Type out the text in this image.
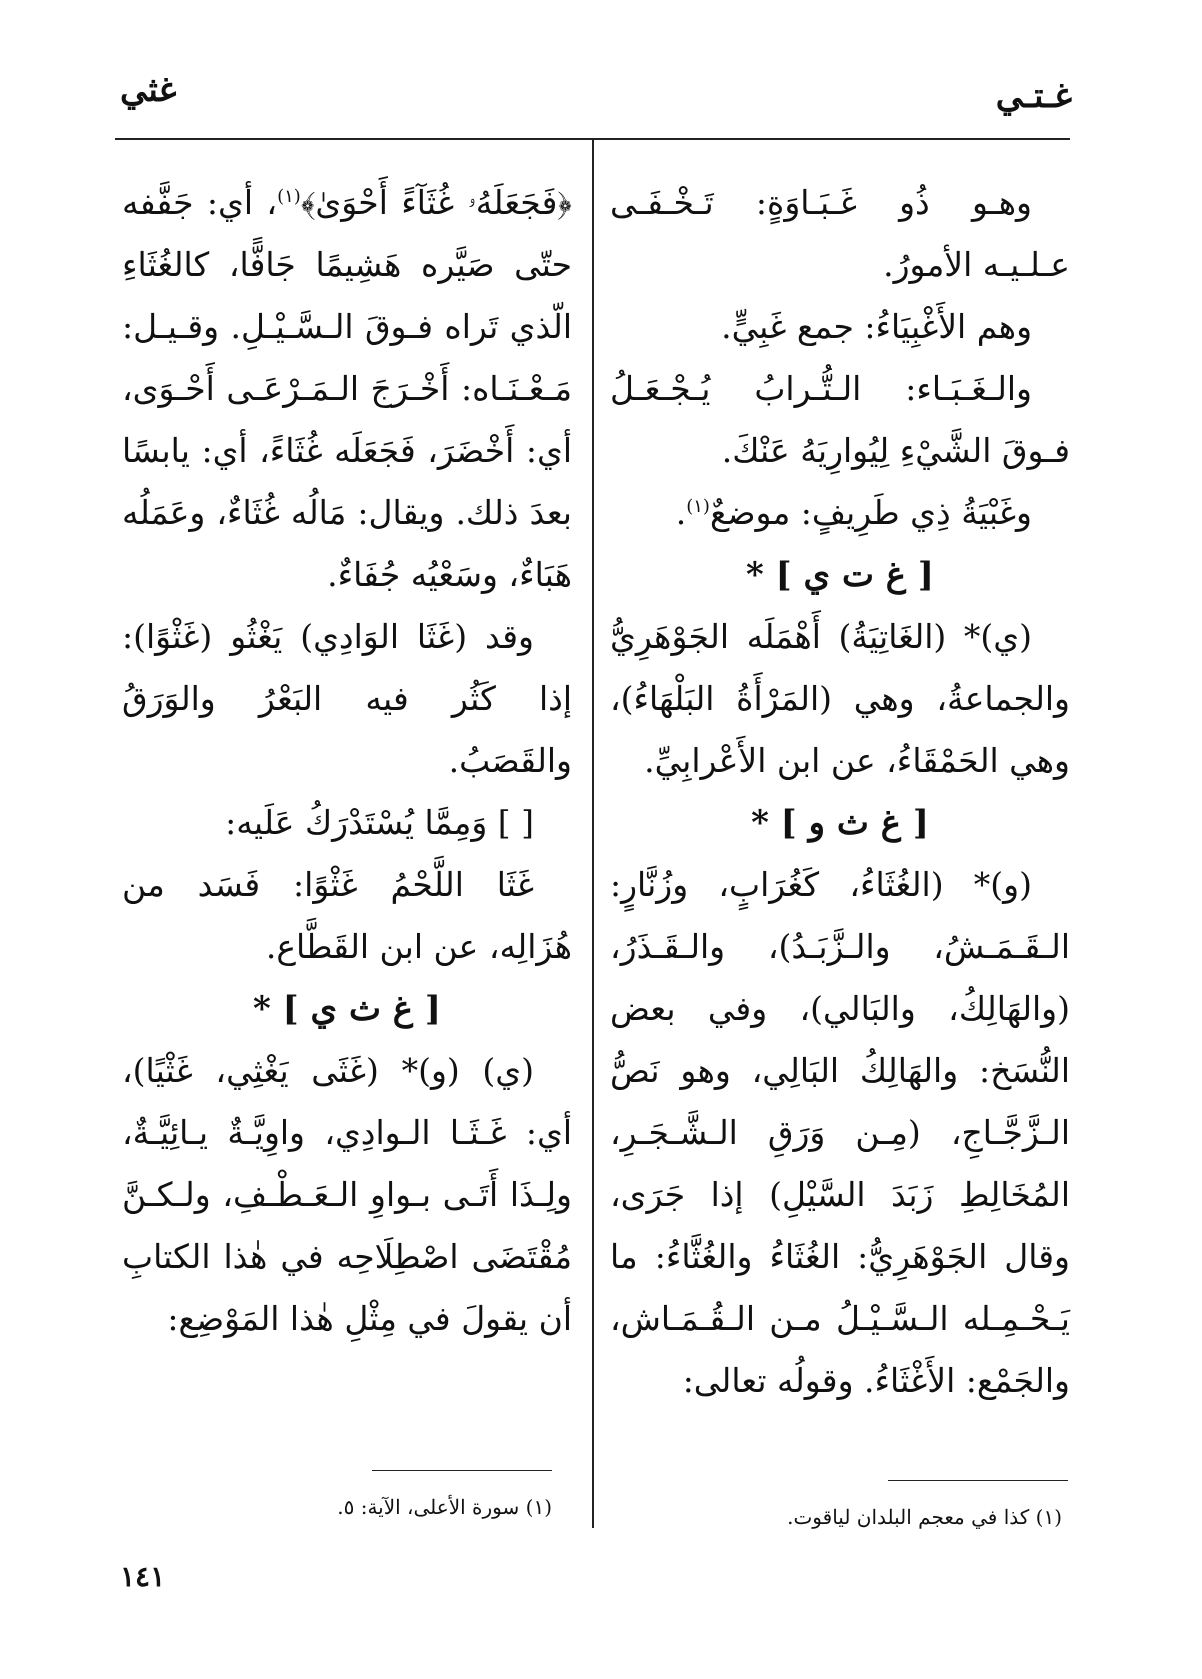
غثي	غـتـي

وهـو ذُو غَـبَـاوَةٍ: تَـخْـفَـى عـلـيـه الأمورُ.

وهم الأَغْبِيَاءُ: جمع غَبِيٍّ.

والـغَـبَـاء: الـتُّـرابُ يُـجْـعَـلُ فـوقَ الشَّيْءِ لِيُوارِيَهُ عَنْكَ.

وغَبْيَةُ ذِي طَرِيفٍ: موضعٌ$^{(١)}$.

[ غ ت ي ] *

(ي)* (الغَاتِيَةُ) أَهْمَلَه الجَوْهَرِيُّ والجماعةُ، وهي (المَرْأَةُ البَلْهَاءُ)، وهي الحَمْقَاءُ، عن ابن الأَعْرابِيِّ.

[ غ ث و ] *

(و)* (الغُثَاءُ، كَغُرَابٍ، وزُنَّارٍ: الـقَـمَـشُ، والـزَّبَـدُ)، والـقَـذَرُ، (والهَالِكُ، والبَالي)، وفي بعض النُّسَخ: والهَالِكُ البَالِي، وهو نَصُّ الـزَّجَّـاجِ، (مِـن وَرَقِ الـشَّـجَـرِ، المُخَالِطِ زَبَدَ السَّيْلِ) إذا جَرَى، وقال الجَوْهَرِيُّ: الغُثَاءُ والغُثَّاءُ: ما يَـحْـمِـله الـسَّـيْـلُ مـن الـقُـمَـاش، والجَمْع: الأَغْثَاءُ. وقولُه تعالى:

﴿فَجَعَلَهُۥ غُثَآءً أَحْوَىٰ﴾$^{(١)}$، أي: جَفَّفه حتّى صَيَّره هَشِيمًا جَافًّا، كالغُثَاءِ الّذي تَراه فـوقَ الـسَّـيْـلِ. وقـيـل: مَـعْـنَـاه: أَخْـرَجَ الـمَـرْعَـى أَحْـوَى، أي: أَخْضَرَ، فَجَعَلَه غُثَاءً، أي: يابسًا بعدَ ذلك. ويقال: مَالُه غُثَاءٌ، وعَمَلُه هَبَاءٌ، وسَعْيُه جُفَاءٌ.

وقد (غَثَا الوَادِي) يَغْثُو (غَثْوًا): إذا كَثُر فيه البَعْرُ والوَرَقُ والقَصَبُ.

[ ] وَمِمَّا يُسْتَدْرَكُ عَلَيه:

غَثَا اللَّحْمُ غَثْوًا: فَسَد من هُزَالِه، عن ابن القَطَّاع.

[ غ ث ي ] *

(ي) (و)* (غَثَى يَغْثِي، غَثْيًا)، أي: غَـثَـا الـوادِي، واوِيَّـةٌ يـائِيَّـةٌ، ولِـذَا أَتَـى بـواوِ الـعَـطْـفِ، ولـكـنَّ مُقْتَضَى اصْطِلَاحِه في هٰذا الكتابِ أن يقولَ في مِثْلِ هٰذا المَوْضِع:

(١) كذا في معجم البلدان لياقوت.
(١) سورة الأعلى، الآية: ٥.
١٤١
